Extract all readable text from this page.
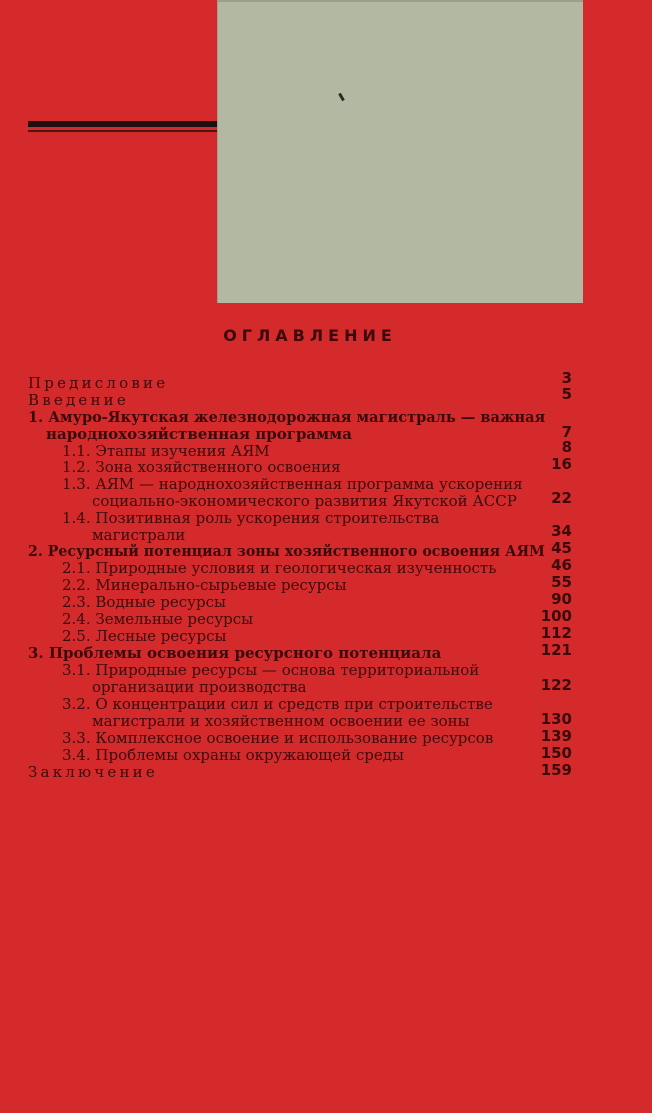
ОГЛАВЛЕНИЕ
Предисловие
Введение
1. Амуро-Якутская железнодорожная магистраль — важная
народнохозяйственная программа
1.1. Этапы изучения АЯМ
1.2. Зона хозяйственного освоения
1.3. АЯМ — народнохозяйственная программа ускорения
социально-экономического развития Якутской АССР
1.4. Позитивная роль ускорения строительства
магистрали
2. Ресурсный потенциал зоны хозяйственного освоения АЯМ
2.1. Природные условия и геологическая изученность
2.2. Минерально-сырьевые ресурсы
2.3. Водные ресурсы
2.4. Земельные ресурсы
2.5. Лесные ресурсы
3. Проблемы освоения ресурсного потенциала
3.1. Природные ресурсы — основа территориальной
организации производства
3.2. О концентрации сил и средств при строительстве
магистрали и хозяйственном освоении ее зоны
3.3. Комплексное освоение и использование ресурсов
3.4. Проблемы охраны окружающей среды
Заключение
3
5
7
8
16
22
34
45
46
55
90
100
112
121
122
130
139
150
159
